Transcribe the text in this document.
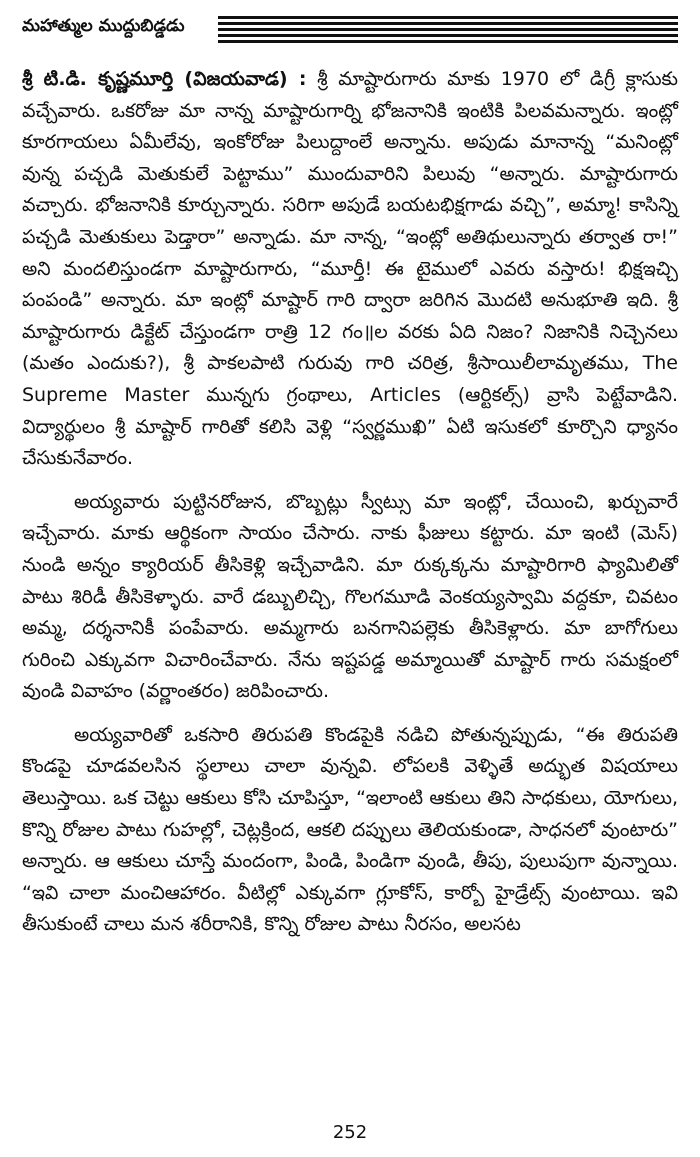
మహాత్ముల ముద్దుబిడ్డడు

శ్రీ టి.డి. కృష్ణమూర్తి (విజయవాడ) : శ్రీ మాష్టారుగారు మాకు 1970 లో డిగ్రీ క్లాసుకు వచ్చేవారు. ఒకరోజు మా నాన్న మాష్టారుగార్ని భోజనానికి ఇంటికి పిలవమన్నారు. ఇంట్లో కూరగాయలు ఏమీలేవు, ఇంకోరోజు పిలుద్దాంలే అన్నాను. అపుడు మానాన్న “మనింట్లో వున్న పచ్చడి మెతుకులే పెట్టాము” ముందువారిని పిలువు “అన్నారు. మాష్టారుగారు వచ్చారు. భోజనానికి కూర్చున్నారు. సరిగా అపుడే బయటభిక్షగాడు వచ్చి”, అమ్మా! కాసిన్ని పచ్చడి మెతుకులు పెడ్తారా” అన్నాడు. మా నాన్న, “ఇంట్లో అతిథులున్నారు తర్వాత రా!” అని మందలిస్తుండగా మాష్టారుగారు, “మూర్తీ! ఈ టైములో ఎవరు వస్తారు! భిక్షఇచ్చి పంపండి” అన్నారు. మా ఇంట్లో మాష్టార్ గారి ద్వారా జరిగిన మొదటి అనుభూతి ఇది. శ్రీ మాష్టారుగారు డిక్టేట్ చేస్తుండగా రాత్రి 12 గం॥ల వరకు ఏది నిజం? నిజానికి నిచ్చెనలు (మతం ఎందుకు?), శ్రీ పాకలపాటి గురువు గారి చరిత్ర, శ్రీసాయిలీలామృతము, The Supreme Master మున్నగు గ్రంథాలు, Articles (ఆర్టికల్స్) వ్రాసి పెట్టేవాడిని. విద్యార్థులం శ్రీ మాష్టార్ గారితో కలిసి వెళ్లి “స్వర్ణముఖి” ఏటి ఇసుకలో కూర్చొని ధ్యానం చేసుకునేవారం.

అయ్యవారు పుట్టినరోజున, బొబ్బట్లు స్వీట్సు మా ఇంట్లో, చేయించి, ఖర్చువారే ఇచ్చేవారు. మాకు ఆర్థికంగా సాయం చేసారు. నాకు ఫీజులు కట్టారు. మా ఇంటి (మెస్) నుండి అన్నం క్యారియర్ తీసికెళ్లి ఇచ్చేవాడిని. మా రుక్కక్కను మాష్టారిగారి ఫ్యామిలితో పాటు శిరిడీ తీసికెళ్ళారు. వారే డబ్బులిచ్చి, గొలగమూడి వెంకయ్యస్వామి వద్దకూ, చివటం అమ్మ, దర్శనానికీ పంపేవారు. అమ్మగారు బనగానిపల్లెకు తీసికెళ్లారు. మా బాగోగులు గురించి ఎక్కువగా విచారించేవారు. నేను ఇష్టపడ్డ అమ్మాయితో మాష్టార్ గారు సమక్షంలో వుండి వివాహం (వర్ణాంతరం) జరిపించారు.

అయ్యవారితో ఒకసారి తిరుపతి కొండపైకి నడిచి పోతున్నప్పుడు, “ఈ తిరుపతి కొండపై చూడవలసిన స్థలాలు చాలా వున్నవి. లోపలకి వెళ్ళితే అద్భుత విషయాలు తెలుస్తాయి. ఒక చెట్టు ఆకులు కోసి చూపిస్తూ, “ఇలాంటి ఆకులు తిని సాధకులు, యోగులు, కొన్ని రోజుల పాటు గుహల్లో, చెట్లక్రింద, ఆకలి దప్పులు తెలియకుండా, సాధనలో వుంటారు” అన్నారు. ఆ ఆకులు చూస్తే మందంగా, పిండి, పిండిగా వుండి, తీపు, పులుపుగా వున్నాయి. “ఇవి చాలా మంచిఆహారం. వీటిల్లో ఎక్కువగా గ్లూకోస్, కార్బో హైడ్రేట్స్ వుంటాయి. ఇవి తీసుకుంటే చాలు మన శరీరానికి, కొన్ని రోజుల పాటు నీరసం, అలసట

252
